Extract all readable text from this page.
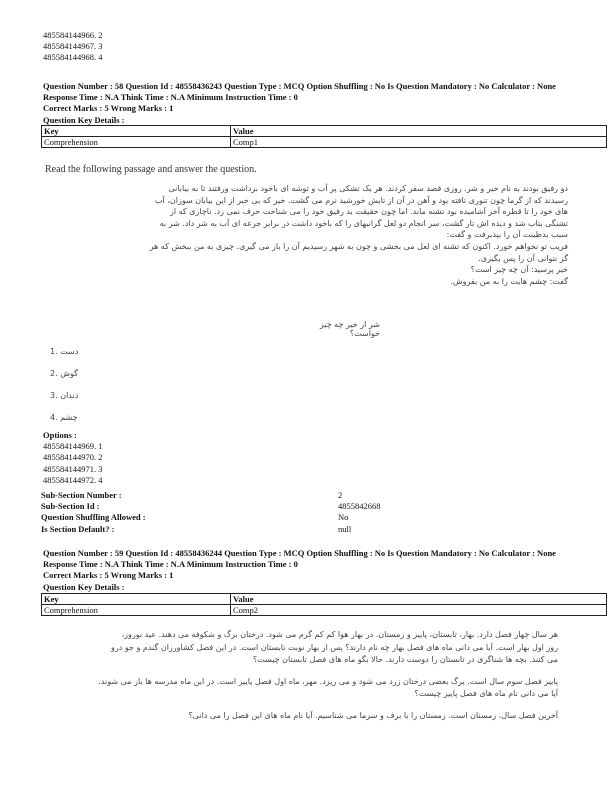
485584144966. 2
485584144967. 3
485584144968. 4
Question Number : 58 Question Id : 48558436243 Question Type : MCQ Option Shuffling : No Is Question Mandatory : No Calculator : None
Response Time : N.A Think Time : N.A Minimum Instruction Time : 0
Correct Marks : 5 Wrong Marks : 1
Question Key Details :
Key	Value
Comprehension	Comp1
Read the following passage and answer the question.
دو رفیق بودند به نام خیر و شر. روزی قصد سفر کردند. هر یک تشکی پر آب و توشه ای باخود برداشت ورفتند تا به بیابانی
رسیدند که از گرما چون تنوری تافته بود و آهن در آن از تابش خورشید نرم می گشت. خیر که بی خبر از این بیابان سوزان، آب
های خود را تا قطره آخر آشامیده بود تشنه ماند. اما چون حقیقت بد رفیق خود را می شناخت حرف نمی زد. ناچاری که از
تشنگی بتاب شد و دیده اش تار گشت، سر انجام دو لعل گرانبهای را که باخود داشت در برابر جرعه ای آب به شر داد. شر به
سبب بدطینت آن را بپذیرفت و گفت:
فریب تو نخواهم خورد. اکنون که تشنه ای لعل می بخشی و چون به شهر رسیدیم آن را باز می گیری. چیزی به من ببخش که هر
گز نتوانی آن را پس بگیری.
خیر پرسید: آن چه چیز است؟
گفت: چشم هایت را به من بفروش.
شر از خیر چه چیز خواست؟
1. دست
2. گوش
3. دندان
4. چشم
Options :
485584144969. 1
485584144970. 2
485584144971. 3
485584144972. 4
Sub-Section Number :	2
Sub-Section Id :	4855842668
Question Shuffling Allowed :	No
Is Section Default? :	null
Question Number : 59 Question Id : 48558436244 Question Type : MCQ Option Shuffling : No Is Question Mandatory : No Calculator : None
Response Time : N.A Think Time : N.A Minimum Instruction Time : 0
Correct Marks : 5 Wrong Marks : 1
Question Key Details :
Key	Value
Comprehension	Comp2
هر سال چهار فصل دارد. بهار، تابستان، پاییز و زمستان. در بهار هوا کم کم گرم می شود. درختان برگ و شکوفه می دهند. عید نوروز،
روز اول بهار است. آیا می دانی ماه های فصل بهار چه نام دارند؟ پس از بهار نوبت تابستان است. در این فصل کشاورزان گندم و جو درو
می کنند. بچه ها شناگری در تابستان را دوست دارند. حالا بگو ماه های فصل تابستان چیست؟
پاییز فصل سوم سال است. برگ بعضی درختان زرد می شود و می ریزد. مهر، ماه اول فصل پاییز است. در این ماه مدرسه ها باز می شوند.
آیا می دانی نام ماه های فصل پاییز چیست؟
آخرین فصل سال، زمستان است. زمستان را با برف و سرما می شناسیم. آیا نام ماه های این فصل را می دانی؟
